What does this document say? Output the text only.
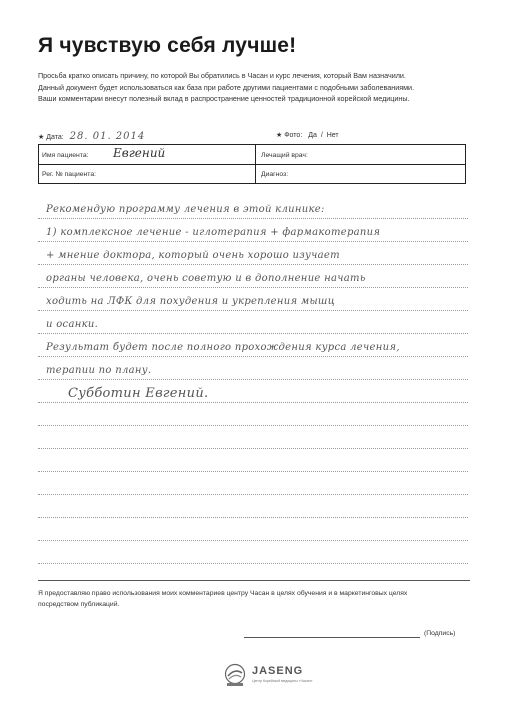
Я чувствую себя лучше!
Просьба кратко описать причину, по которой Вы обратились в Часан и курс лечения, который Вам назначили.
Данный документ будет использоваться как база при работе другими пациентами с подобными заболеваниями.
Ваши комментарии внесут полезный вклад в распространение ценностей традиционной корейской медицины.
★ Дата: 28. 01. 2014	★ Фото: Да / Нет
Имя пациента: Евгений	Лечащий врач:
Рег. № пациента:	Диагноз:
Рекомендую программу лечения в этой клинике:
1) комплексное лечение - иглотерапия + фармакотерапия
+ мнение доктора, который очень хорошо изучает
органы человека, очень советую и в дополнение начать
ходить на ЛФК для похудения и укрепления мышц
и осанки.
Результат будет после полного прохождения курса лечения,
терапии по плану.
Субботин Евгений.
Я предоставляю право использования моих комментариев центру Часан в целях обучения и в маркетинговых целях
посредством публикаций.
(Подпись)
JASENG
Центр Корейской медицины «Часан»
